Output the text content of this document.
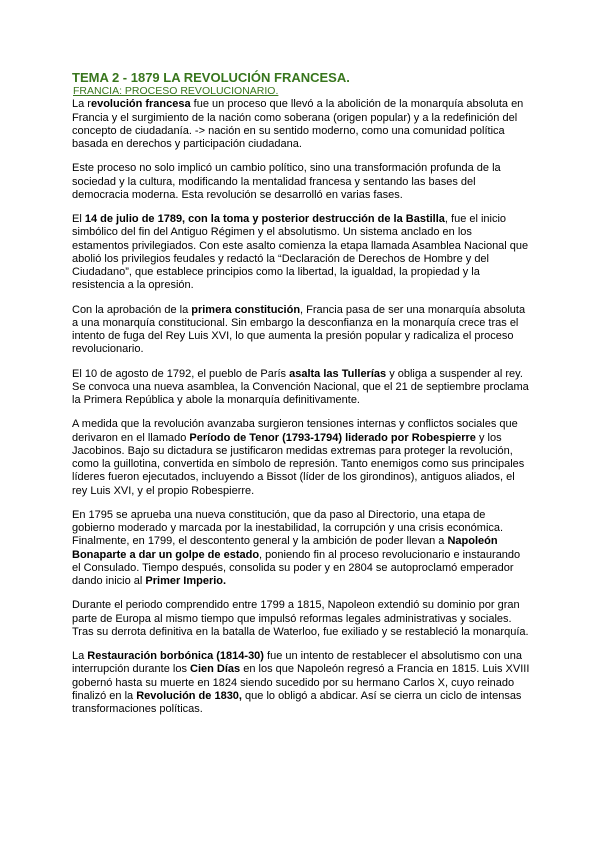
TEMA 2 - 1879 LA REVOLUCIÓN FRANCESA.
FRANCIA: PROCESO REVOLUCIONARIO.

La revolución francesa fue un proceso que llevó a la abolición de la monarquía absoluta en Francia y el surgimiento de la nación como soberana (origen popular) y a la redefinición del concepto de ciudadanía. -> nación en su sentido moderno, como una comunidad política basada en derechos y participación ciudadana.

Este proceso no solo implicó un cambio político, sino una transformación profunda de la sociedad y la cultura, modificando la mentalidad francesa y sentando las bases del democracia moderna. Esta revolución se desarrolló en varias fases.

El 14 de julio de 1789, con la toma y posterior destrucción de la Bastilla, fue el inicio simbólico del fin del Antiguo Régimen y el absolutismo. Un sistema anclado en los estamentos privilegiados. Con este asalto comienza la etapa llamada Asamblea Nacional que abolió los privilegios feudales y redactó la “Declaración de Derechos de Hombre y del Ciudadano”, que establece principios como la libertad, la igualdad, la propiedad y la resistencia a la opresión.

Con la aprobación de la primera constitución, Francia pasa de ser una monarquía absoluta a una monarquía constitucional. Sin embargo la desconfianza en la monarquía crece tras el intento de fuga del Rey Luis XVI, lo que aumenta la presión popular y radicaliza el proceso revolucionario.

El 10 de agosto de 1792, el pueblo de París asalta las Tullerías y obliga a suspender al rey. Se convoca una nueva asamblea, la Convención Nacional, que el 21 de septiembre proclama la Primera República y abole la monarquía definitivamente.

A medida que la revolución avanzaba surgieron tensiones internas y conflictos sociales que derivaron en el llamado Período de Tenor (1793-1794) liderado por Robespierre y los Jacobinos. Bajo su dictadura se justificaron medidas extremas para proteger la revolución, como la guillotina, convertida en símbolo de represión. Tanto enemigos como sus principales líderes fueron ejecutados, incluyendo a Bissot (líder de los girondinos), antiguos aliados, el rey Luis XVI, y el propio Robespierre.

En 1795 se aprueba una nueva constitución, que da paso al Directorio, una etapa de gobierno moderado y marcada por la inestabilidad, la corrupción y una crisis económica. Finalmente, en 1799, el descontento general y la ambición de poder llevan a Napoleón Bonaparte a dar un golpe de estado, poniendo fin al proceso revolucionario e instaurando el Consulado. Tiempo después, consolida su poder y en 2804 se autoproclamó emperador dando inicio al Primer Imperio.

Durante el periodo comprendido entre 1799 a 1815, Napoleon extendió su dominio por gran parte de Europa al mismo tiempo que impulsó reformas legales administrativas y sociales. Tras su derrota definitiva en la batalla de Waterloo, fue exiliado y se restableció la monarquía.

La Restauración borbónica (1814-30) fue un intento de restablecer el absolutismo con una interrupción durante los Cien Días en los que Napoleón regresó a Francia en 1815. Luis XVIII gobernó hasta su muerte en 1824 siendo sucedido por su hermano Carlos X, cuyo reinado finalizó en la Revolución de 1830, que lo obligó a abdicar. Así se cierra un ciclo de intensas transformaciones políticas.
